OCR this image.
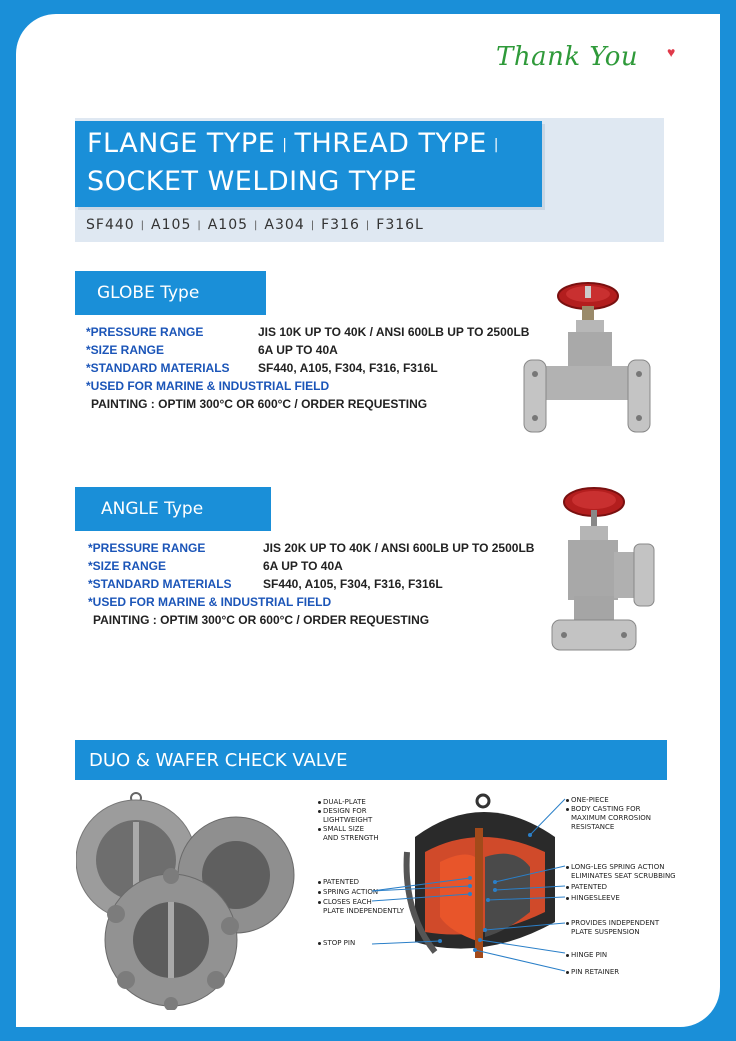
Thank You ♥
FLANGE TYPE | THREAD TYPE |
SOCKET WELDING TYPE
SF440 | A105 | A105 | A304 | F316 | F316L
GLOBE Type
*PRESSURE RANGE	JIS 10K UP TO 40K / ANSI 600LB UP TO 2500LB
*SIZE RANGE	6A UP TO 40A
*STANDARD MATERIALS SF440, A105, F304, F316, F316L
*USED FOR MARINE & INDUSTRIAL FIELD
PAINTING : OPTIM 300°C OR 600°C / ORDER REQUESTING
ANGLE Type
*PRESSURE RANGE	JIS 20K UP TO 40K / ANSI 600LB UP TO 2500LB
*SIZE RANGE	6A UP TO 40A
*STANDARD MATERIALS	SF440, A105, F304, F316, F316L
*USED FOR MARINE & INDUSTRIAL FIELD
PAINTING : OPTIM 300°C OR 600°C / ORDER REQUESTING
DUO & WAFER CHECK VALVE
DUAL-PLATE
DESIGN FOR
LIGHTWEIGHT
SMALL SIZE
AND STRENGTH
PATENTED
SPRING ACTION
CLOSES EACH
PLATE INDEPENDENTLY
STOP PIN
ONE-PIECE
BODY CASTING FOR
MAXIMUM CORROSION
RESISTANCE
LONG-LEG SPRING ACTION
ELIMINATES SEAT SCRUBBING
PATENTED
HINGESLEEVE
PROVIDES INDEPENDENT
PLATE SUSPENSION
HINGE PIN
PIN RETAINER
